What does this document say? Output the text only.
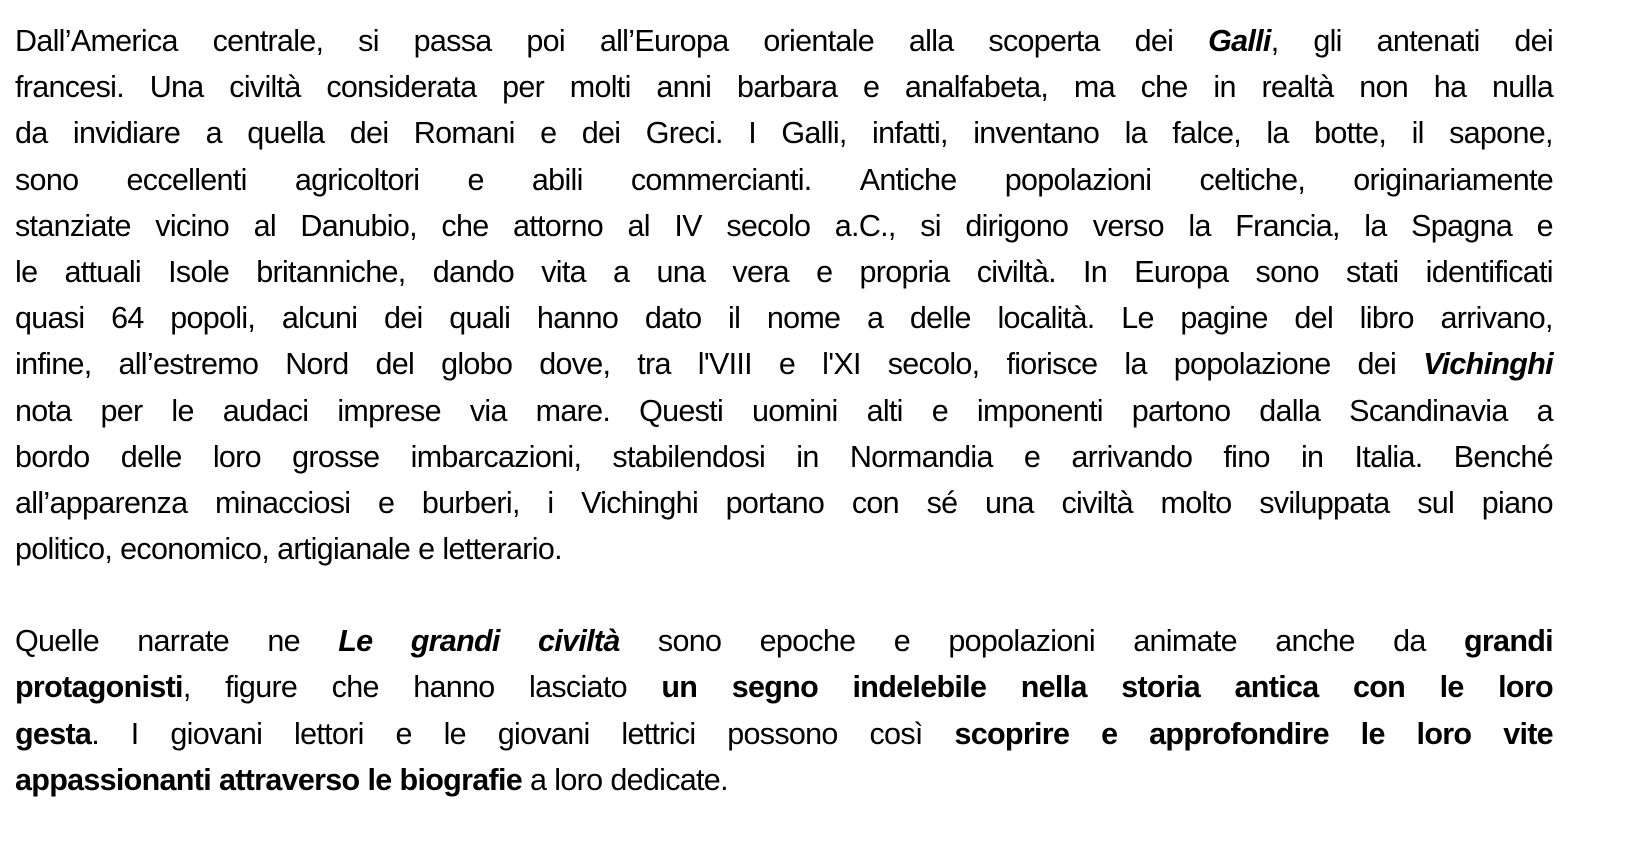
Dall’America centrale, si passa poi all’Europa orientale alla scoperta dei Galli, gli antenati dei
francesi. Una civiltà considerata per molti anni barbara e analfabeta, ma che in realtà non ha nulla
da invidiare a quella dei Romani e dei Greci. I Galli, infatti, inventano la falce, la botte, il sapone,
sono eccellenti agricoltori e abili commercianti. Antiche popolazioni celtiche, originariamente
stanziate vicino al Danubio, che attorno al IV secolo a.C., si dirigono verso la Francia, la Spagna e
le attuali Isole britanniche, dando vita a una vera e propria civiltà. In Europa sono stati identificati
quasi 64 popoli, alcuni dei quali hanno dato il nome a delle località. Le pagine del libro arrivano,
infine, all’estremo Nord del globo dove, tra l'VIII e l'XI secolo, fiorisce la popolazione dei Vichinghi
nota per le audaci imprese via mare. Questi uomini alti e imponenti partono dalla Scandinavia a
bordo delle loro grosse imbarcazioni, stabilendosi in Normandia e arrivando fino in Italia. Benché
all’apparenza minacciosi e burberi, i Vichinghi portano con sé una civiltà molto sviluppata sul piano
politico, economico, artigianale e letterario.
Quelle narrate ne Le grandi civiltà sono epoche e popolazioni animate anche da grandi
protagonisti, figure che hanno lasciato un segno indelebile nella storia antica con le loro
gesta. I giovani lettori e le giovani lettrici possono così scoprire e approfondire le loro vite
appassionanti attraverso le biografie a loro dedicate.
